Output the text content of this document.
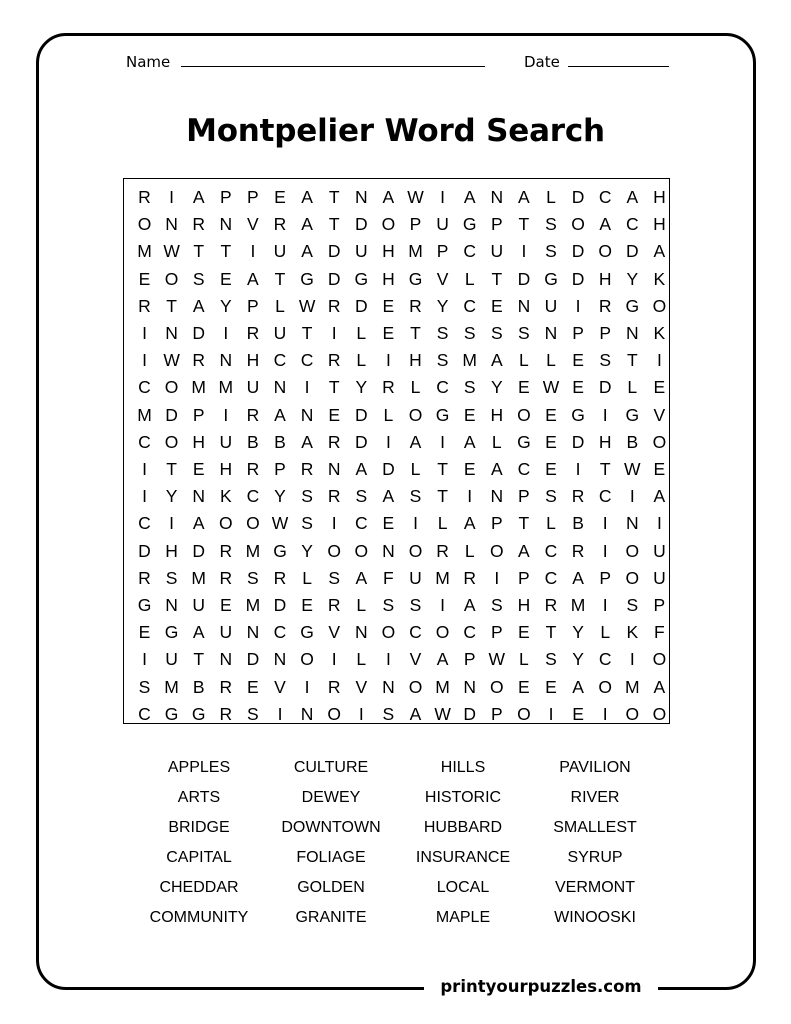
Name	Date
Montpelier Word Search
R	I	A P P E A T N A W I	A N A L D C A H
O N R N V R A T D O P U G P T S O A C H
M W T T	I	U A D U H M P C U	I	S D O D A
E O S E A T G D G H G V L T D G D H Y K
R T A Y P L W R D E R Y C E N U	I	R G O
I	N D	I	R U T	I	L E T S S S S N P P N K
I W R N H C C R L	I	H S M A L L E S T	I
C O M M U N	I	T Y R L C S Y E W E D L E
M D P	I	R A N E D L O G E H O E G	I	G V
C O H U B B A R D	I	A	I	A L G E D H B O
I	T E H R P R N A D L T E A C E	I	T W E
I	Y N K C Y S R S A S T	I	N P S R C	I	A
C	I	A O O W S	I	C E	I	L A P T L B	I	N	I
D H D R M G Y O O N O R L O A C R	I	O U
R S M R S R L S A F U M R	I	P C A P O U
G N U E M D E R L S S	I	A S H R M I	S P
E G A U N C G V N O C O C P E T Y L K F
I	U T N D N O	I	L	I	V A P W L S Y C	I	O
S M B R E V	I	R V N O M N O E E A O M A
C G G R S	I	N O	I	S A W D P O	I	E	I	O O
APPLES	CULTURE	HILLS	PAVILION
ARTS	DEWEY	HISTORIC	RIVER
BRIDGE	DOWNTOWN	HUBBARD	SMALLEST
CAPITAL	FOLIAGE	INSURANCE	SYRUP
CHEDDAR	GOLDEN	LOCAL	VERMONT
COMMUNITY	GRANITE	MAPLE	WINOOSKI
printyourpuzzles.com
